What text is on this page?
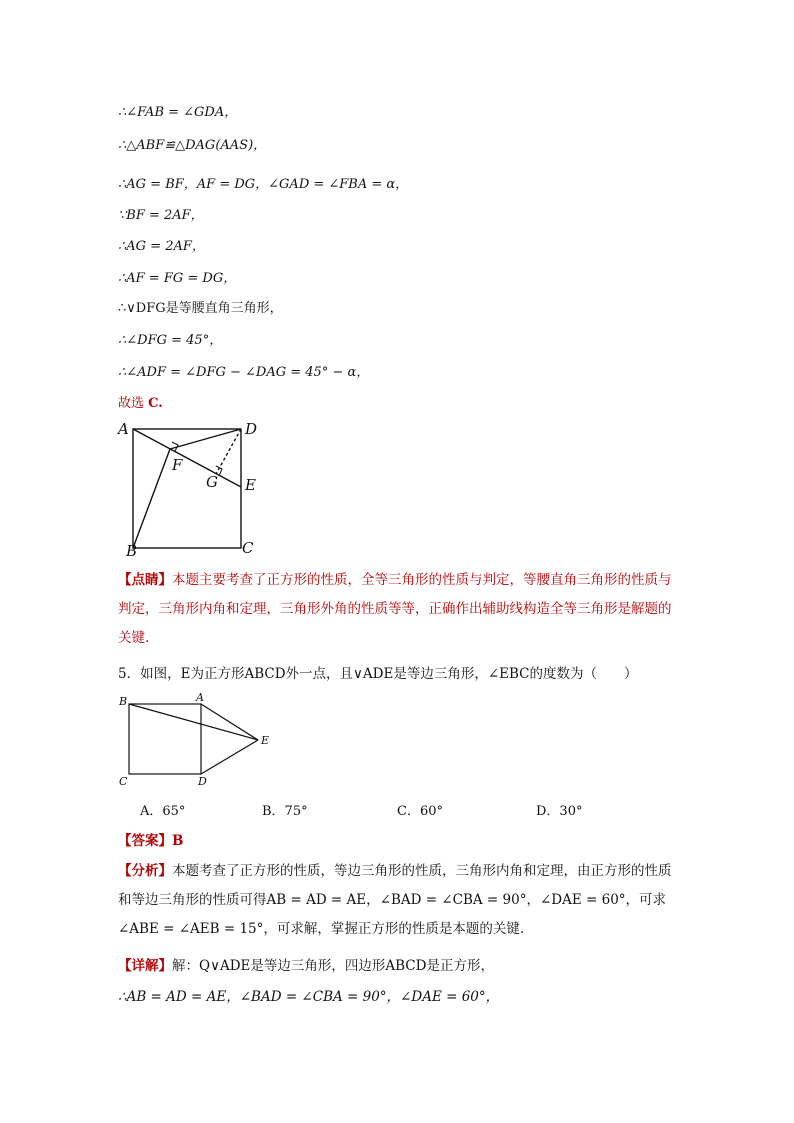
∴∠FAB = ∠GDA，
∴△ABF≌△DAG(AAS)，
∴AG = BF，AF = DG，∠GAD = ∠FBA = α，
∵BF = 2AF，
∴AG = 2AF，
∴AF = FG = DG，
∴∨DFG是等腰直角三角形，
∴∠DFG = 45°，
∴∠ADF = ∠DFG − ∠DAG = 45° − α，
故选 C.
A	D
F
G E
B	C
【点睛】本题主要考查了正方形的性质，全等三角形的性质与判定，等腰直角三角形的性质与判定，三角形内角和定理，三角形外角的性质等等，正确作出辅助线构造全等三角形是解题的关键.
5．如图，E为正方形ABCD外一点，且∨ADE是等边三角形，∠EBC的度数为（　　）
B	A
E
C	D
A．65°	B．75°	C．60°	D．30°
【答案】B
【分析】本题考查了正方形的性质，等边三角形的性质，三角形内角和定理，由正方形的性质和等边三角形的性质可得AB = AD = AE，∠BAD = ∠CBA = 90°，∠DAE = 60°，可求∠ABE = ∠AEB = 15°，可求解，掌握正方形的性质是本题的关键.
【详解】解：Q∨ADE是等边三角形，四边形ABCD是正方形，
∴AB = AD = AE，∠BAD = ∠CBA = 90°，∠DAE = 60°，
